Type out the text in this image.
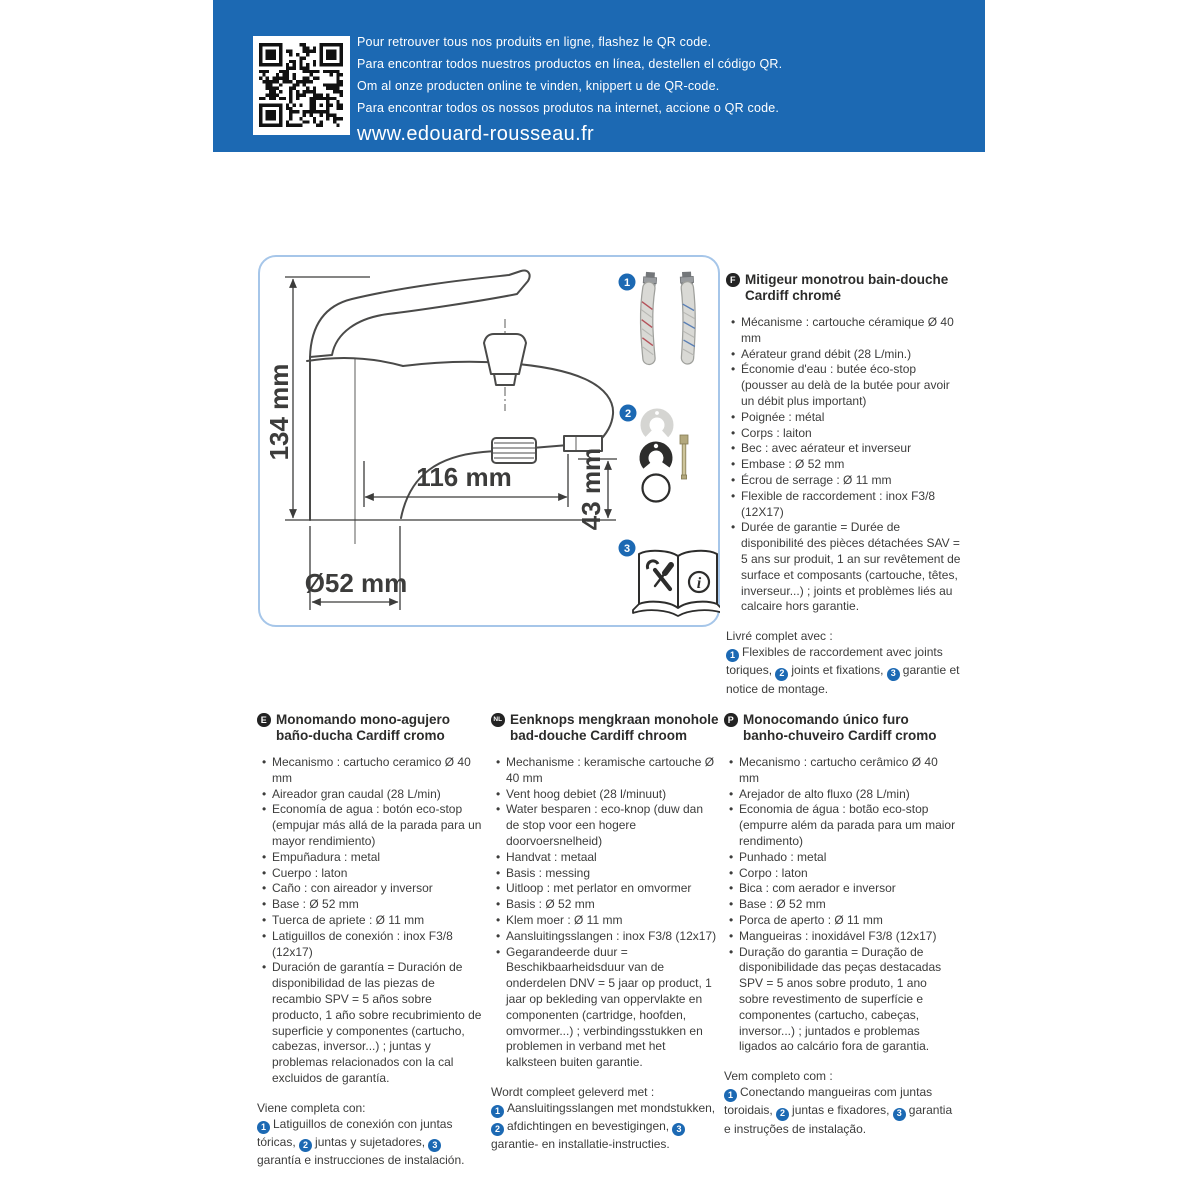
Pour retrouver tous nos produits en ligne, flashez le QR code.

Para encontrar todos nuestros productos en línea, destellen el código QR.

Om al onze producten online te vinden, knippert u de QR-code.

Para encontrar todos os nossos produtos na internet, accione o QR code.

www.edouard-rousseau.fr
134 mm
116 mm 43 mm
Ø52 mm
1
2
3
i
F Mitigeur monotrou bain-douche Cardiff chromé
• Mécanisme : cartouche céramique Ø 40 mm
• Aérateur grand débit (28 L/min.)
• Économie d'eau : butée éco-stop (pousser au delà de la butée pour avoir un débit plus important)
• Poignée : métal
• Corps : laiton
• Bec : avec aérateur et inverseur
• Embase : Ø 52 mm
• Écrou de serrage : Ø 11 mm
• Flexible de raccordement : inox F3/8 (12X17)
• Durée de garantie = Durée de disponibilité des pièces détachées SAV = 5 ans sur produit, 1 an sur revêtement de surface et composants (cartouche, têtes, inverseur...) ; joints et problèmes liés au calcaire hors garantie.

Livré complet avec :

1 Flexibles de raccordement avec joints toriques, 2 joints et fixations, 3 garantie et notice de montage.

E Monomando mono-agujero baño-ducha Cardiff cromo
• Mecanismo : cartucho ceramico Ø 40 mm
• Aireador gran caudal (28 L/min)
• Economía de agua : botón eco-stop (empujar más allá de la parada para un mayor rendimiento)
• Empuñadura : metal
• Cuerpo : laton
• Caño : con aireador y inversor
• Base : Ø 52 mm
• Tuerca de apriete : Ø 11 mm
• Latiguillos de conexión : inox F3/8 (12x17)
• Duración de garantía = Duración de disponibilidad de las piezas de recambio SPV = 5 años sobre producto, 1 año sobre recubrimiento de superficie y componentes (cartucho, cabezas, inversor...) ; juntas y problemas relacionados con la cal excluidos de garantía.

Viene completa con:

1 Latiguillos de conexión con juntas tóricas, 2 juntas y sujetadores, 3garantía e instrucciones de instalación.

NL Eenknops mengkraan monohole bad-douche Cardiff chroom
• Mechanisme : keramische cartouche Ø 40 mm
• Vent hoog debiet (28 l/minuut)
• Water besparen : eco-knop (duw dan de stop voor een hogere doorvoersnelheid)
• Handvat : metaal
• Basis : messing
• Uitloop : met perlator en omvormer
• Basis : Ø 52 mm
• Klem moer : Ø 11 mm
• Aansluitingsslangen : inox F3/8 (12x17)
• Gegarandeerde duur = Beschikbaarheidsduur van de onderdelen DNV = 5 jaar op product, 1 jaar op bekleding van oppervlakte en componenten (cartridge, hoofden, omvormer...) ; verbindingsstukken en problemen in verband met het kalksteen buiten garantie.

Wordt compleet geleverd met :

1 Aansluitingsslangen met mondstukken, 2 afdichtingen en bevestigingen, 3garantie- en installatie-instructies.

P Monocomando único furo banho-chuveiro Cardiff cromo
• Mecanismo : cartucho cerâmico Ø 40 mm
• Arejador de alto fluxo (28 L/min)
• Economia de água : botão eco-stop (empurre além da parada para um maior rendimento)
• Punhado : metal
• Corpo : laton
• Bica : com aerador e inversor
• Base : Ø 52 mm
• Porca de aperto : Ø 11 mm
• Mangueiras : inoxidável F3/8 (12x17)
• Duração do garantia = Duração de disponibilidade das peças destacadas SPV = 5 anos sobre produto, 1 ano sobre revestimento de superfície e componentes (cartucho, cabeças, inversor...) ; juntados e problemas ligados ao calcário fora de garantia.

Vem completo com :

1 Conectando mangueiras com juntas toroidais, 2 juntas e fixadores, 3 garantia e instruções de instalação.
